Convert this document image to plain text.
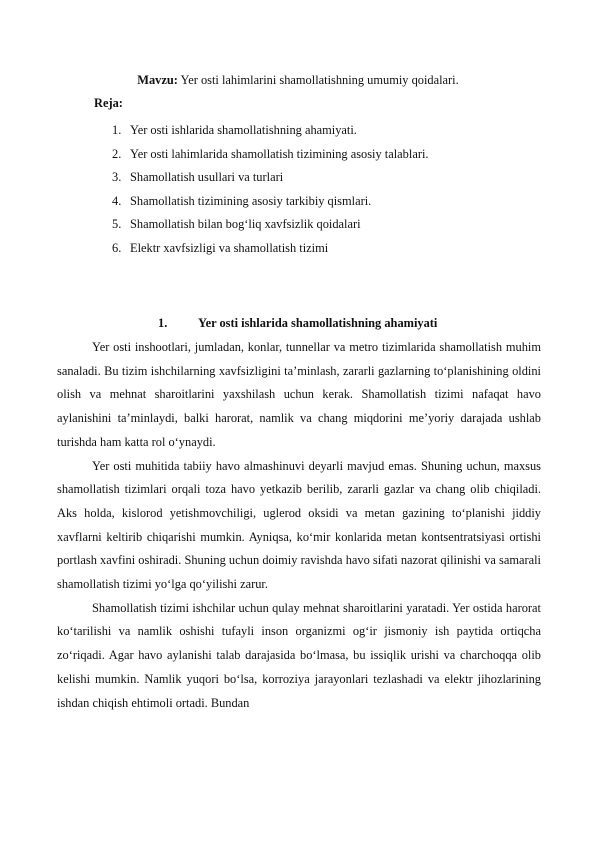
Mavzu: Yer osti lahimlarini shamollatishning umumiy qoidalari.
Reja:
1. Yer osti ishlarida shamollatishning ahamiyati.
2. Yer osti lahimlarida shamollatish tizimining asosiy talablari.
3. Shamollatish usullari va turlari
4. Shamollatish tizimining asosiy tarkibiy qismlari.
5. Shamollatish bilan bog‘liq xavfsizlik qoidalari
6. Elektr xavfsizligi va shamollatish tizimi
1. Yer osti ishlarida shamollatishning ahamiyati

Yer osti inshootlari, jumladan, konlar, tunnellar va metro tizimlarida shamollatish muhim sanaladi. Bu tizim ishchilarning xavfsizligini ta’minlash, zararli gazlarning to‘planishining oldini olish va mehnat sharoitlarini yaxshilash uchun kerak. Shamollatish tizimi nafaqat havo aylanishini ta’minlaydi, balki harorat, namlik va chang miqdorini me’yoriy darajada ushlab turishda ham katta rol o‘ynaydi.

Yer osti muhitida tabiiy havo almashinuvi deyarli mavjud emas. Shuning uchun, maxsus shamollatish tizimlari orqali toza havo yetkazib berilib, zararli gazlar va chang olib chiqiladi. Aks holda, kislorod yetishmovchiligi, uglerod oksidi va metan gazining to‘planishi jiddiy xavflarni keltirib chiqarishi mumkin. Ayniqsa, ko‘mir konlarida metan kontsentratsiyasi ortishi portlash xavfini oshiradi. Shuning uchun doimiy ravishda havo sifati nazorat qilinishi va samarali shamollatish tizimi yo‘lga qo‘yilishi zarur.

Shamollatish tizimi ishchilar uchun qulay mehnat sharoitlarini yaratadi. Yer ostida harorat ko‘tarilishi va namlik oshishi tufayli inson organizmi og‘ir jismoniy ish paytida ortiqcha zo‘riqadi. Agar havo aylanishi talab darajasida bo‘lmasa, bu issiqlik urishi va charchoqqa olib kelishi mumkin. Namlik yuqori bo‘lsa, korroziya jarayonlari tezlashadi va elektr jihozlarining ishdan chiqish ehtimoli ortadi. Bundan
